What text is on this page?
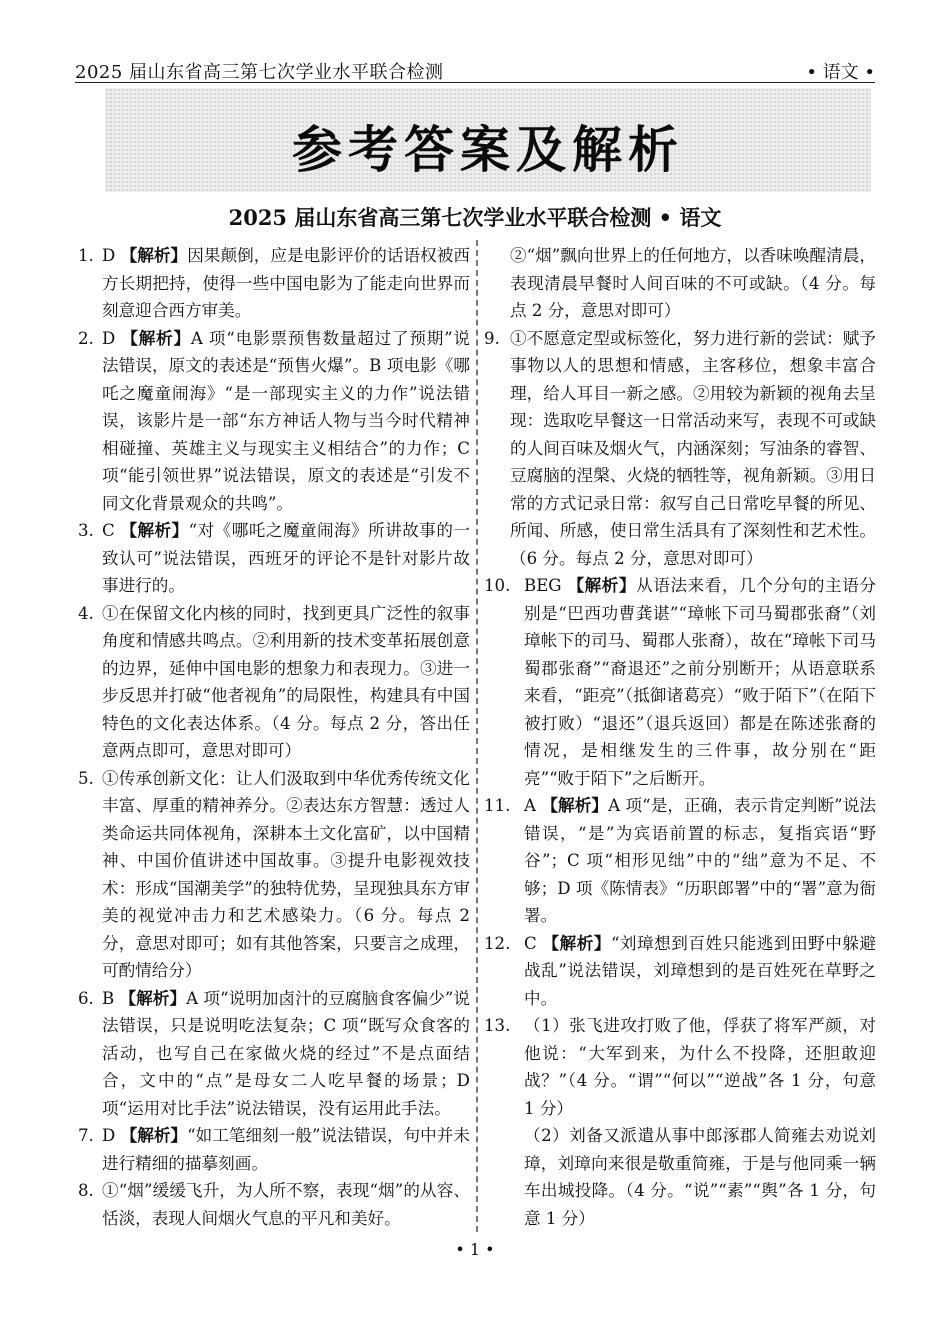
2025 届山东省高三第七次学业水平联合检测	• 语文 •
参考答案及解析
2025 届山东省高三第七次学业水平联合检测 • 语文

1. D 【解析】因果颠倒，应是电影评价的话语权被西方长期把持，使得一些中国电影为了能走向世界而刻意迎合西方审美。

2. D 【解析】A 项“电影票预售数量超过了预期”说法错误，原文的表述是“预售火爆”。B 项电影《哪吒之魔童闹海》“是一部现实主义的力作”说法错误，该影片是一部“东方神话人物与当今时代精神相碰撞、英雄主义与现实主义相结合”的力作；C 项“能引领世界”说法错误，原文的表述是“引发不同文化背景观众的共鸣”。

3. C 【解析】“对《哪吒之魔童闹海》所讲故事的一致认可”说法错误，西班牙的评论不是针对影片故事进行的。

4. ①在保留文化内核的同时，找到更具广泛性的叙事角度和情感共鸣点。②利用新的技术变革拓展创意的边界，延伸中国电影的想象力和表现力。③进一步反思并打破“他者视角”的局限性，构建具有中国特色的文化表达体系。（4 分。每点 2 分，答出任意两点即可，意思对即可）

5. ①传承创新文化：让人们汲取到中华优秀传统文化丰富、厚重的精神养分。②表达东方智慧：透过人类命运共同体视角，深耕本土文化富矿，以中国精神、中国价值讲述中国故事。③提升电影视效技术：形成“国潮美学”的独特优势，呈现独具东方审美的视觉冲击力和艺术感染力。（6 分。每点 2 分，意思对即可；如有其他答案，只要言之成理，可酌情给分）

6. B 【解析】A 项“说明加卤汁的豆腐脑食客偏少”说法错误，只是说明吃法复杂；C 项“既写众食客的活动，也写自己在家做火烧的经过”不是点面结合，文中的“点”是母女二人吃早餐的场景；D 项“运用对比手法”说法错误，没有运用此手法。

7. D 【解析】“如工笔细刻一般”说法错误，句中并未进行精细的描摹刻画。

8. ①“烟”缓缓飞升，为人所不察，表现“烟”的从容、恬淡，表现人间烟火气息的平凡和美好。

②“烟”飘向世界上的任何地方，以香味唤醒清晨，表现清晨早餐时人间百味的不可或缺。（4 分。每点 2 分，意思对即可）

9. ①不愿意定型或标签化，努力进行新的尝试：赋予事物以人的思想和情感，主客移位，想象丰富合理，给人耳目一新之感。②用较为新颖的视角去呈现：选取吃早餐这一日常活动来写，表现不可或缺的人间百味及烟火气，内涵深刻；写油条的睿智、豆腐脑的涅槃、火烧的牺牲等，视角新颖。③用日常的方式记录日常：叙写自己日常吃早餐的所见、所闻、所感，使日常生活具有了深刻性和艺术性。（6 分。每点 2 分，意思对即可）

10. BEG 【解析】从语法来看，几个分句的主语分别是“巴西功曹龚谌”“璋帐下司马蜀郡张裔”（刘璋帐下的司马、蜀郡人张裔），故在“璋帐下司马蜀郡张裔”“裔退还”之前分别断开；从语意联系来看，“距亮”（抵御诸葛亮）“败于陌下”（在陌下被打败）“退还”（退兵返回）都是在陈述张裔的情况，是相继发生的三件事，故分别在“距亮”“败于陌下”之后断开。

11. A 【解析】A 项“是，正确，表示肯定判断”说法错误，“是”为宾语前置的标志，复指宾语“野谷”；C 项“相形见绌”中的“绌”意为不足、不够；D 项《陈情表》“历职郎署”中的“署”意为衙署。

12. C 【解析】“刘璋想到百姓只能逃到田野中躲避战乱”说法错误，刘璋想到的是百姓死在草野之中。

13. （1）张飞进攻打败了他，俘获了将军严颜，对他说：“大军到来，为什么不投降，还胆敢迎战？”（4 分。“谓”“何以”“逆战”各 1 分，句意 1 分）
（2）刘备又派遣从事中郎涿郡人简雍去劝说刘璋，刘璋向来很是敬重简雍，于是与他同乘一辆车出城投降。（4 分。“说”“素”“舆”各 1 分，句意 1 分）

• 1 •
